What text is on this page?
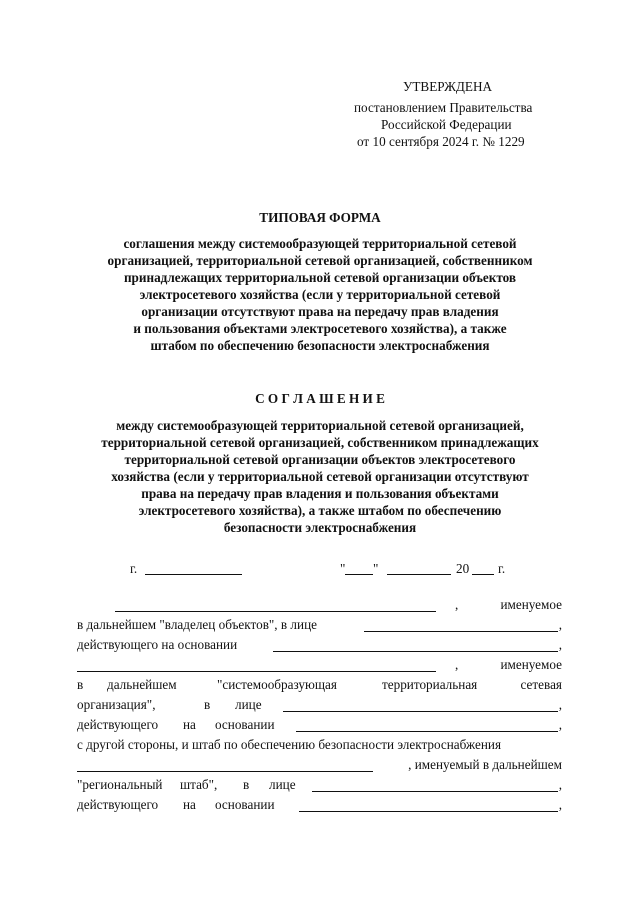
УТВЕРЖДЕНА
постановлением Правительства
Российской Федерации
от 10 сентября 2024 г. № 1229
ТИПОВАЯ ФОРМА
соглашения между системообразующей территориальной сетевой
организацией, территориальной сетевой организацией, собственником
принадлежащих территориальной сетевой организации объектов
электросетевого хозяйства (если у территориальной сетевой
организации отсутствуют права на передачу прав владения
и пользования объектами электросетевого хозяйства), а также
штабом по обеспечению безопасности электроснабжения
С О Г Л А Ш Е Н И Е
между системообразующей территориальной сетевой организацией,
территориальной сетевой организацией, собственником принадлежащих
территориальной сетевой организации объектов электросетевого
хозяйства (если у территориальной сетевой организации отсутствуют
права на передачу прав владения и пользования объектами
электросетевого хозяйства), а также штабом по обеспечению
безопасности электроснабжения
г.	" "	20 г.
,	именуемое
в дальнейшем "владелец объектов", в лице	,
действующего на основании	,
,	именуемое
в дальнейшем	"системообразующая	территориальная	сетевая
организация",	в лице	,
действующего на основании	,
с другой стороны, и штаб по обеспечению безопасности электроснабжения
, именуемый в дальнейшем
"региональный штаб", в лице	,
действующего на основании	,
